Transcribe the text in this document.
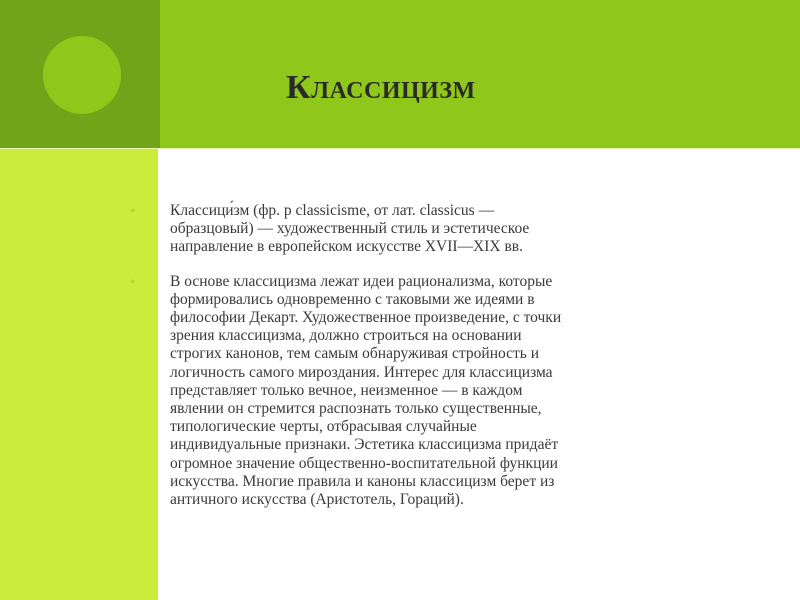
Классицизм
● Классици́зм (фр. р classicisme, от лат. classicus —
образцовый) — художественный стиль и эстетическое
направление в европейском искусстве XVII—XIX вв.
● В основе классицизма лежат идеи рационализма, которые
формировались одновременно с таковыми же идеями в
философии Декарт. Художественное произведение, с точки
зрения классицизма, должно строиться на основании
строгих канонов, тем самым обнаруживая стройность и
логичность самого мироздания. Интерес для классицизма
представляет только вечное, неизменное — в каждом
явлении он стремится распознать только существенные,
типологические черты, отбрасывая случайные
индивидуальные признаки. Эстетика классицизма придаёт
огромное значение общественно-воспитательной функции
искусства. Многие правила и каноны классицизм берет из
античного искусства (Аристотель, Гораций).
